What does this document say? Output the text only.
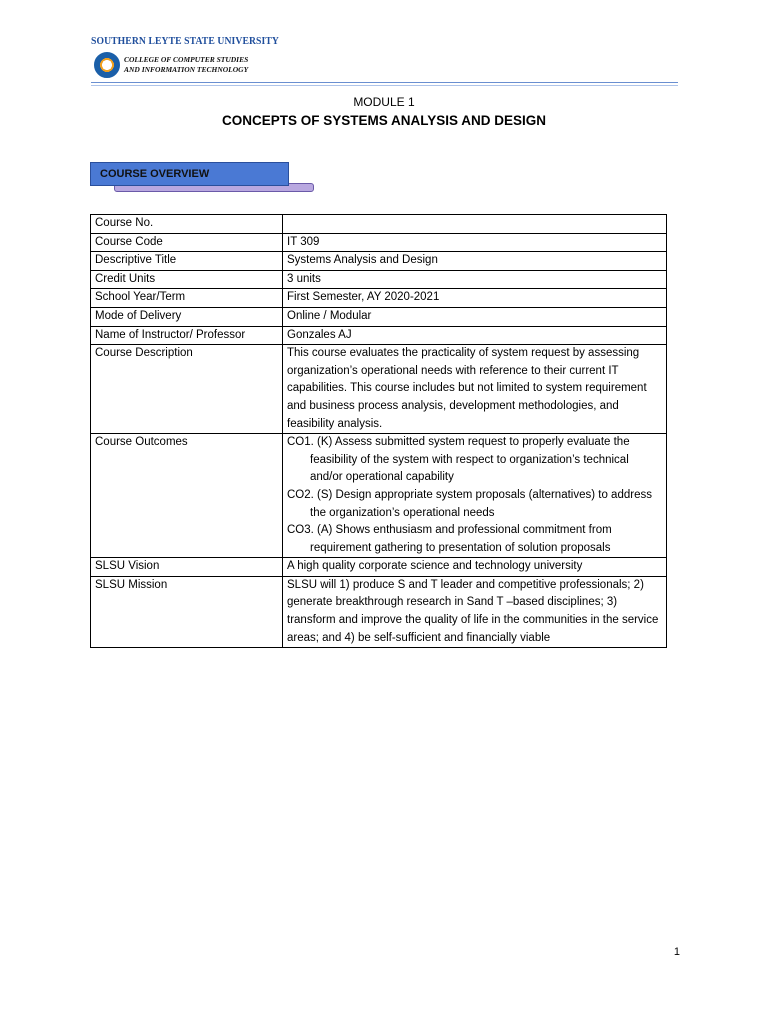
SOUTHERN LEYTE STATE UNIVERSITY
COLLEGE OF COMPUTER STUDIES
AND INFORMATION TECHNOLOGY
MODULE 1
CONCEPTS OF SYSTEMS ANALYSIS AND DESIGN
COURSE OVERVIEW
Course No.	
Course Code	IT 309
Descriptive Title	Systems Analysis and Design
Credit Units	3 units
School Year/Term	First Semester, AY 2020-2021
Mode of Delivery	Online / Modular
Name of Instructor/ Professor	Gonzales AJ
Course Description	This course evaluates the practicality of system request by assessing organization’s operational needs with reference to their current IT capabilities. This course includes but not limited to system requirement and business process analysis, development methodologies, and feasibility analysis.
Course Outcomes	CO1. (K) Assess submitted system request to properly evaluate the feasibility of the system with respect to organization’s technical and/or operational capability
CO2. (S) Design appropriate system proposals (alternatives) to address the organization’s operational needs
CO3. (A) Shows enthusiasm and professional commitment from requirement gathering to presentation of solution proposals

SLSU Vision	A high quality corporate science and technology university
SLSU Mission	SLSU will 1) produce S and T leader and competitive professionals; 2) generate breakthrough research in Sand T –based disciplines; 3) transform and improve the quality of life in the communities in the service areas; and 4) be self-sufficient and financially viable
1
